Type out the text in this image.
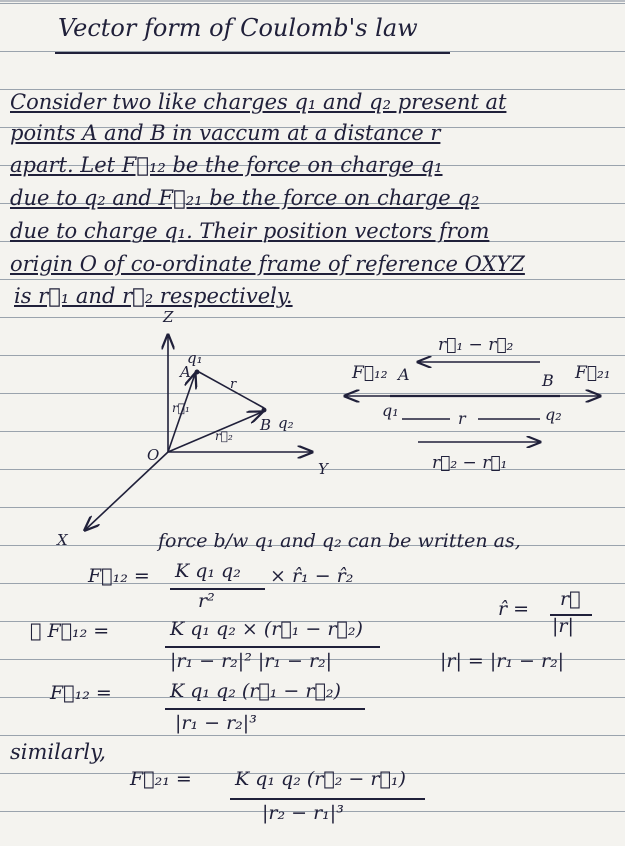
Vector form of Coulomb's law
Consider two like charges q₁ and q₂ present at
points A and B in vaccum at a distance r
apart. Let F⃗₁₂ be the force on charge q₁
due to q₂ and F⃗₂₁ be the force on charge q₂
due to charge q₁. Their position vectors from
origin O of co-ordinate frame of reference OXYZ
is r⃗₁ and r⃗₂ respectively.
Z
Y
X
O
q₁
A
r
B q₂
r⃗₁
r⃗₂
r⃗₁ − r⃗₂
F⃗₁₂ A	B F⃗₂₁
q₁	r	q₂
r⃗₂ − r⃗₁
force b/w q₁ and q₂ can be written as,
F⃗₁₂ = K q₁ q₂
r²
× r̂₁ − r̂₂
r̂ = r⃗
|r|
∴ F⃗₁₂ =	K q₁ q₂ × (r⃗₁ − r⃗₂)
|r₁ − r₂|² |r₁ − r₂|	|r| = |r₁ − r₂|
F⃗₁₂ =	K q₁ q₂ (r⃗₁ − r⃗₂)
|r₁ − r₂|³
similarly,
F⃗₂₁ = K q₁ q₂ (r⃗₂ − r⃗₁)
|r₂ − r₁|³
